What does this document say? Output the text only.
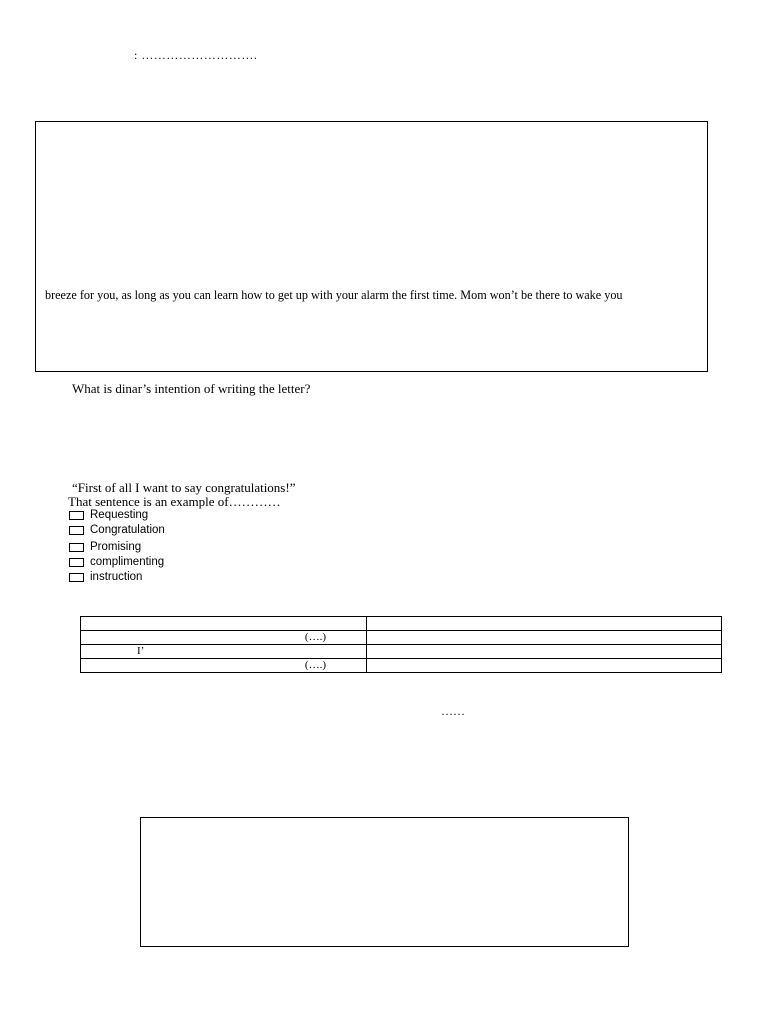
: ……………………….
breeze for you, as long as you can learn how to get up with your alarm the first time. Mom won’t be there to wake you
What is dinar’s intention of writing the letter?
“First of all I want to say congratulations!”
That sentence is an example of…………
Requesting
Congratulation
Promising
complimenting
instruction

(….)	

I’	

(….)	

……
